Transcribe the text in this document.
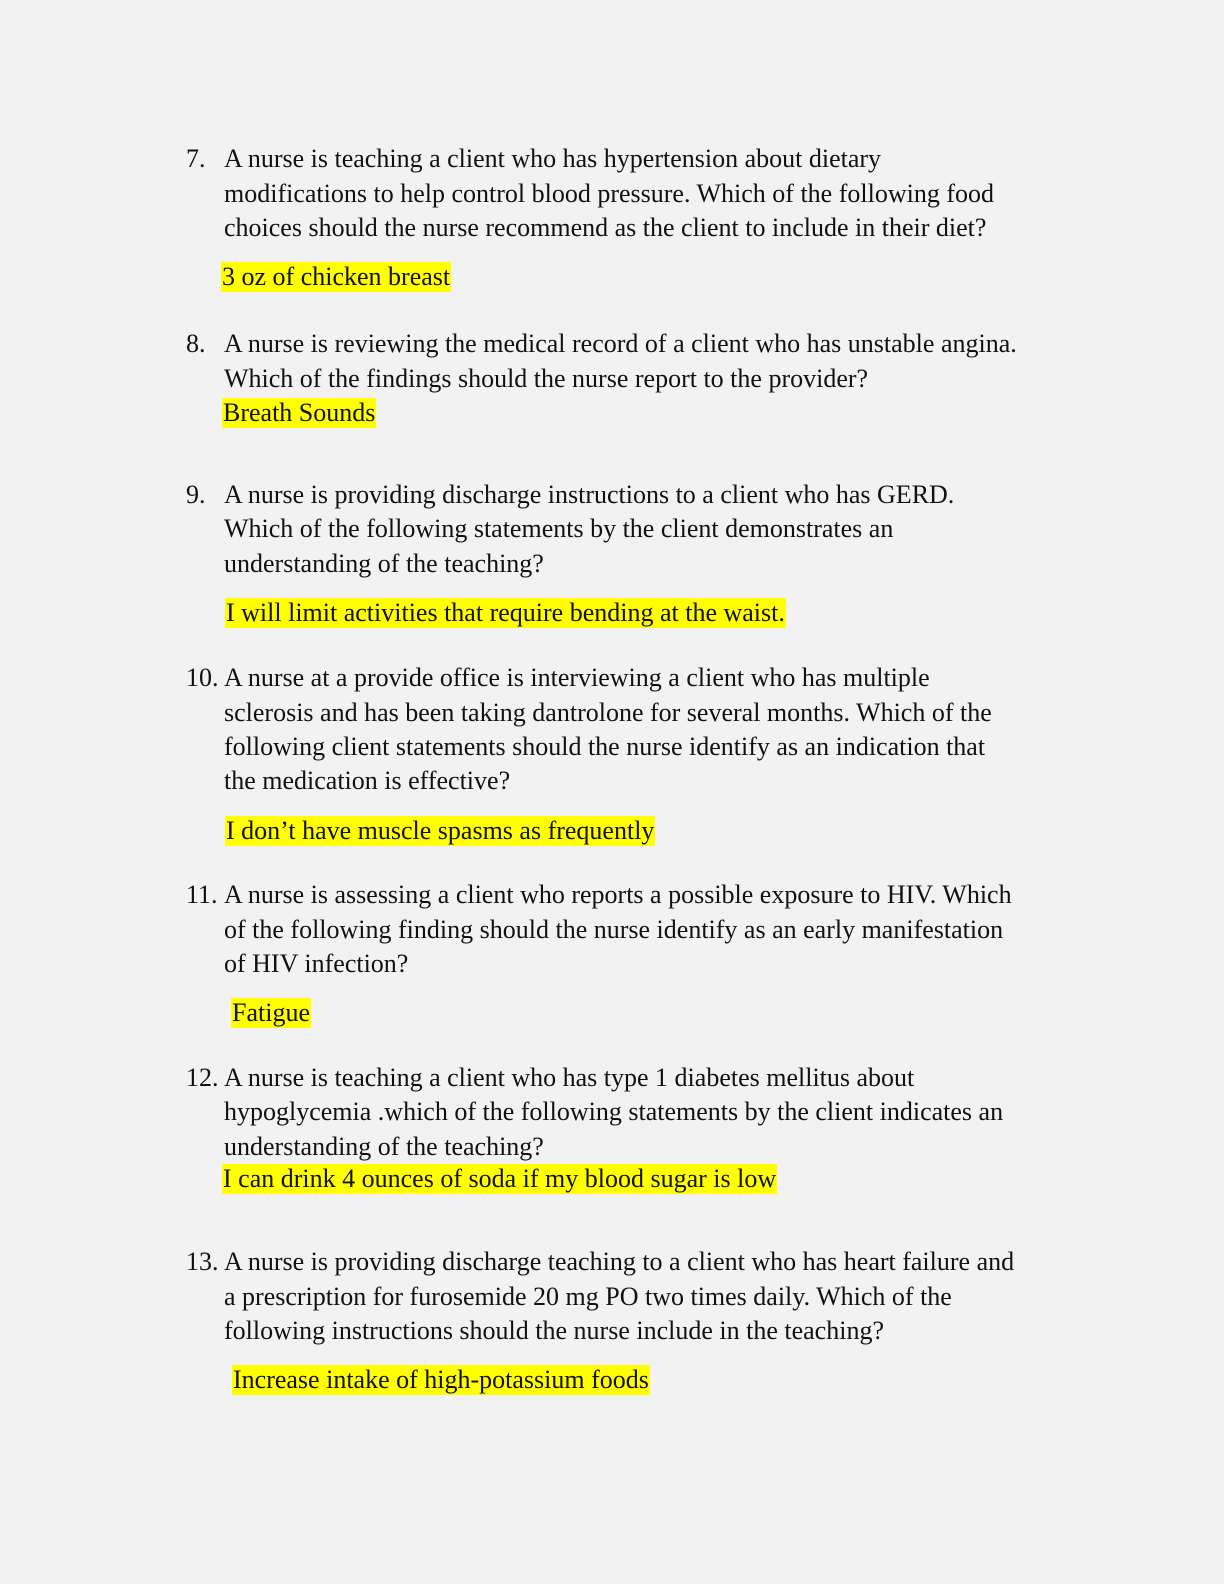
7. A nurse is teaching a client who has hypertension about dietary
modifications to help control blood pressure. Which of the following food
choices should the nurse recommend as the client to include in their diet?
3 oz of chicken breast
8. A nurse is reviewing the medical record of a client who has unstable angina.
Which of the findings should the nurse report to the provider?
Breath Sounds
9. A nurse is providing discharge instructions to a client who has GERD.
Which of the following statements by the client demonstrates an
understanding of the teaching?
I will limit activities that require bending at the waist.
10. A nurse at a provide office is interviewing a client who has multiple
sclerosis and has been taking dantrolone for several months. Which of the
following client statements should the nurse identify as an indication that
the medication is effective?
I don’t have muscle spasms as frequently
11. A nurse is assessing a client who reports a possible exposure to HIV. Which
of the following finding should the nurse identify as an early manifestation
of HIV infection?
Fatigue
12. A nurse is teaching a client who has type 1 diabetes mellitus about
hypoglycemia .which of the following statements by the client indicates an
understanding of the teaching?
I can drink 4 ounces of soda if my blood sugar is low
13. A nurse is providing discharge teaching to a client who has heart failure and
a prescription for furosemide 20 mg PO two times daily. Which of the
following instructions should the nurse include in the teaching?
Increase intake of high-potassium foods
